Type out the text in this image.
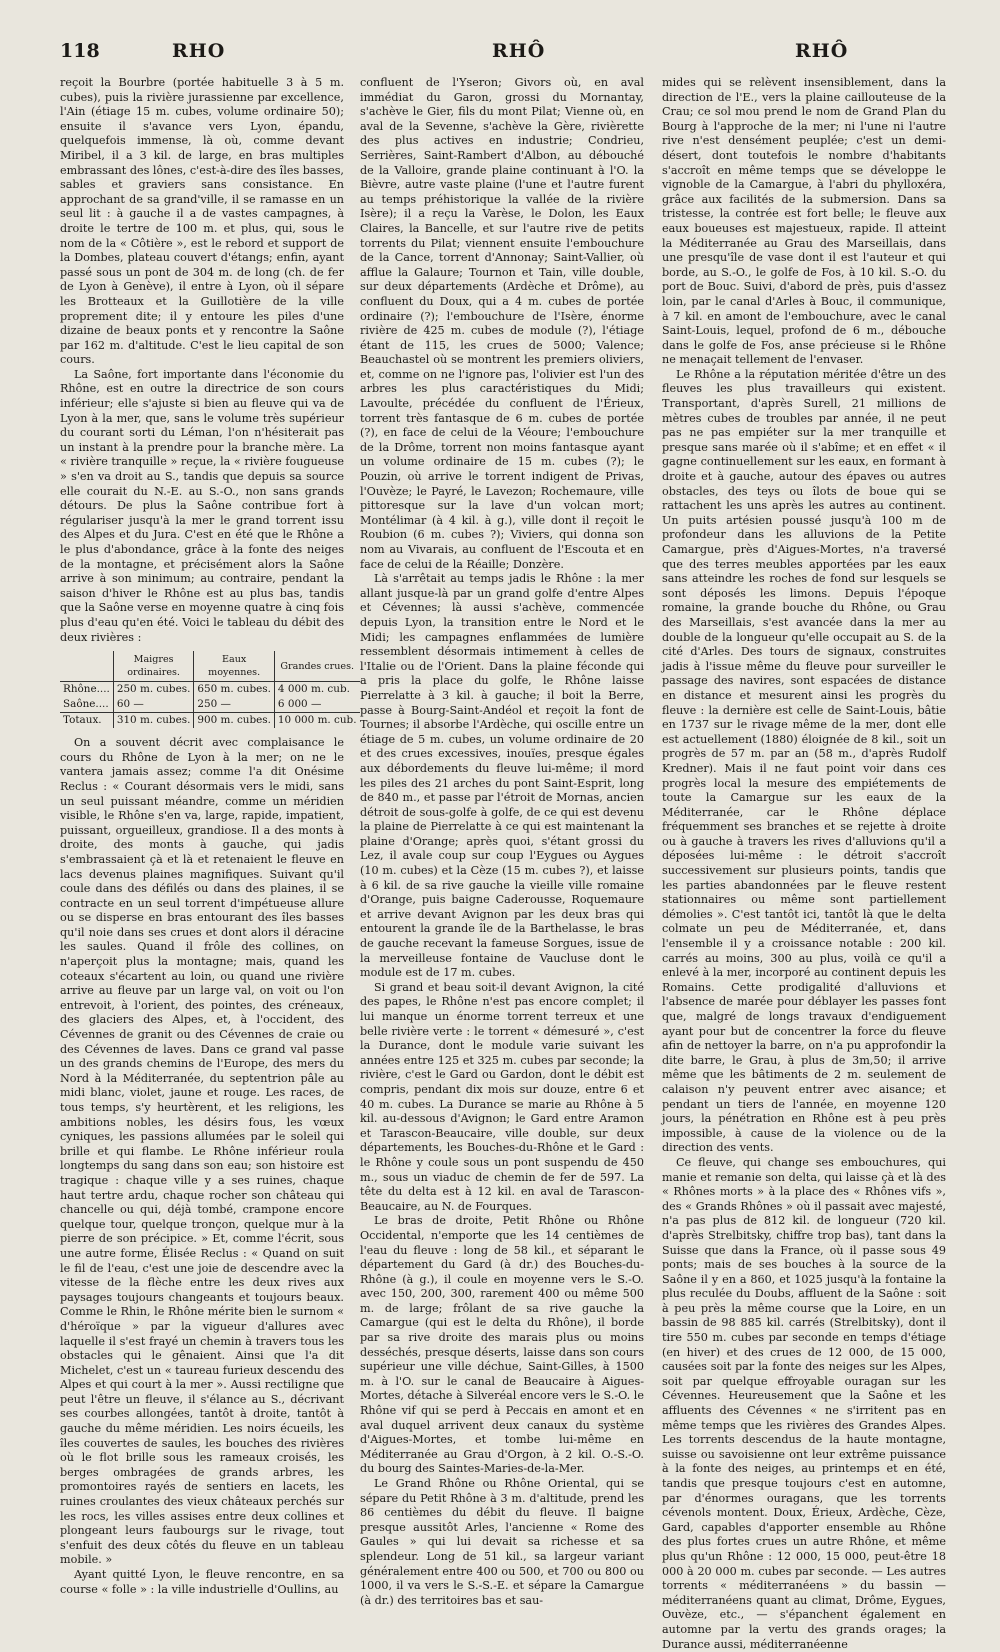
118	RHO	RHÔ	RHÔ

reçoit la Bourbre (portée habituelle 3 à 5 m. cubes), puis la rivière jurassienne par excellence, l'Ain (étiage 15 m. cubes, volume ordinaire 50); ensuite il s'avance vers Lyon, épandu, quelquefois immense, là où, comme devant Miribel, il a 3 kil. de large, en bras multiples embrassant des lônes, c'est-à-dire des îles basses, sables et graviers sans consistance. En approchant de sa grand'ville, il se ramasse en un seul lit : à gauche il a de vastes campagnes, à droite le tertre de 100 m. et plus, qui, sous le nom de la « Côtière », est le rebord et support de la Dombes, plateau couvert d'étangs; enfin, ayant passé sous un pont de 304 m. de long (ch. de fer de Lyon à Genève), il entre à Lyon, où il sépare les Brotteaux et la Guillotière de la ville proprement dite; il y entoure les piles d'une dizaine de beaux ponts et y rencontre la Saône par 162 m. d'altitude. C'est le lieu capital de son cours.

La Saône, fort importante dans l'économie du Rhône, est en outre la directrice de son cours inférieur; elle s'ajuste si bien au fleuve qui va de Lyon à la mer, que, sans le volume très supérieur du courant sorti du Léman, l'on n'hésiterait pas un instant à la prendre pour la branche mère. La « rivière tranquille » reçue, la « rivière fougueuse » s'en va droit au S., tandis que depuis sa source elle courait du N.-E. au S.-O., non sans grands détours. De plus la Saône contribue fort à régulariser jusqu'à la mer le grand torrent issu des Alpes et du Jura. C'est en été que le Rhône a le plus d'abondance, grâce à la fonte des neiges de la montagne, et précisément alors la Saône arrive à son minimum; au contraire, pendant la saison d'hiver le Rhône est au plus bas, tandis que la Saône verse en moyenne quatre à cinq fois plus d'eau qu'en été. Voici le tableau du débit des deux rivières :

	Maigres ordinaires.	Eaux moyennes.	Grandes crues.
Rhône....	250 m. cubes.	650 m. cubes.	4 000 m. cub.
Saône....	60 —	250 —	6 000 —
Totaux.	310 m. cubes.	900 m. cubes.	10 000 m. cub.

On a souvent décrit avec complaisance le cours du Rhône de Lyon à la mer; on ne le vantera jamais assez; comme l'a dit Onésime Reclus : « Courant désormais vers le midi, sans un seul puissant méandre, comme un méridien visible, le Rhône s'en va, large, rapide, impatient, puissant, orgueilleux, grandiose. Il a des monts à droite, des monts à gauche, qui jadis s'embrassaient çà et là et retenaient le fleuve en lacs devenus plaines magnifiques. Suivant qu'il coule dans des défilés ou dans des plaines, il se contracte en un seul torrent d'impétueuse allure ou se disperse en bras entourant des îles basses qu'il noie dans ses crues et dont alors il déracine les saules. Quand il frôle des collines, on n'aperçoit plus la montagne; mais, quand les coteaux s'écartent au loin, ou quand une rivière arrive au fleuve par un large val, on voit ou l'on entrevoit, à l'orient, des pointes, des créneaux, des glaciers des Alpes, et, à l'occident, des Cévennes de granit ou des Cévennes de craie ou des Cévennes de laves. Dans ce grand val passe un des grands chemins de l'Europe, des mers du Nord à la Méditerranée, du septentrion pâle au midi blanc, violet, jaune et rouge. Les races, de tous temps, s'y heurtèrent, et les religions, les ambitions nobles, les désirs fous, les vœux cyniques, les passions allumées par le soleil qui brille et qui flambe. Le Rhône inférieur roula longtemps du sang dans son eau; son histoire est tragique : chaque ville y a ses ruines, chaque haut tertre ardu, chaque rocher son château qui chancelle ou qui, déjà tombé, crampone encore quelque tour, quelque tronçon, quelque mur à la pierre de son précipice. » Et, comme l'écrit, sous une autre forme, Élisée Reclus : « Quand on suit le fil de l'eau, c'est une joie de descendre avec la vitesse de la flèche entre les deux rives aux paysages toujours changeants et toujours beaux. Comme le Rhin, le Rhône mérite bien le surnom « d'héroïque » par la vigueur d'allures avec laquelle il s'est frayé un chemin à travers tous les obstacles qui le gênaient. Ainsi que l'a dit Michelet, c'est un « taureau furieux descendu des Alpes et qui court à la mer ». Aussi rectiligne que peut l'être un fleuve, il s'élance au S., décrivant ses courbes allongées, tantôt à droite, tantôt à gauche du même méridien. Les noirs écueils, les îles couvertes de saules, les bouches des rivières où le flot brille sous les rameaux croisés, les berges ombragées de grands arbres, les promontoires rayés de sentiers en lacets, les ruines croulantes des vieux châteaux perchés sur les rocs, les villes assises entre deux collines et plongeant leurs faubourgs sur le rivage, tout s'enfuit des deux côtés du fleuve en un tableau mobile. »

Ayant quitté Lyon, le fleuve rencontre, en sa course « folle » : la ville industrielle d'Oullins, au

confluent de l'Yseron; Givors où, en aval immédiat du Garon, grossi du Mornantay, s'achève le Gier, fils du mont Pilat; Vienne où, en aval de la Sevenne, s'achève la Gère, rivièrette des plus actives en industrie; Condrieu, Serrières, Saint-Rambert d'Albon, au débouché de la Valloire, grande plaine continuant à l'O. la Bièvre, autre vaste plaine (l'une et l'autre furent au temps préhistorique la vallée de la rivière Isère); il a reçu la Varèse, le Dolon, les Eaux Claires, la Bancelle, et sur l'autre rive de petits torrents du Pilat; viennent ensuite l'embouchure de la Cance, torrent d'Annonay; Saint-Vallier, où afflue la Galaure; Tournon et Tain, ville double, sur deux départements (Ardèche et Drôme), au confluent du Doux, qui a 4 m. cubes de portée ordinaire (?); l'embouchure de l'Isère, énorme rivière de 425 m. cubes de module (?), l'étiage étant de 115, les crues de 5000; Valence; Beauchastel où se montrent les premiers oliviers, et, comme on ne l'ignore pas, l'olivier est l'un des arbres les plus caractéristiques du Midi; Lavoulte, précédée du confluent de l'Érieux, torrent très fantasque de 6 m. cubes de portée (?), en face de celui de la Véoure; l'embouchure de la Drôme, torrent non moins fantasque ayant un volume ordinaire de 15 m. cubes (?); le Pouzin, où arrive le torrent indigent de Privas, l'Ouvèze; le Payré, le Lavezon; Rochemaure, ville pittoresque sur la lave d'un volcan mort; Montélimar (à 4 kil. à g.), ville dont il reçoit le Roubion (6 m. cubes ?); Viviers, qui donna son nom au Vivarais, au confluent de l'Escouta et en face de celui de la Réaille; Donzère.

Là s'arrêtait au temps jadis le Rhône : la mer allant jusque-là par un grand golfe d'entre Alpes et Cévennes; là aussi s'achève, commencée depuis Lyon, la transition entre le Nord et le Midi; les campagnes enflammées de lumière ressemblent désormais intimement à celles de l'Italie ou de l'Orient. Dans la plaine féconde qui a pris la place du golfe, le Rhône laisse Pierrelatte à 3 kil. à gauche; il boit la Berre, passe à Bourg-Saint-Andéol et reçoit la font de Tournes; il absorbe l'Ardèche, qui oscille entre un étiage de 5 m. cubes, un volume ordinaire de 20 et des crues excessives, inouïes, presque égales aux débordements du fleuve lui-même; il mord les piles des 21 arches du pont Saint-Esprit, long de 840 m., et passe par l'étroit de Mornas, ancien détroit de sous-golfe à golfe, de ce qui est devenu la plaine de Pierrelatte à ce qui est maintenant la plaine d'Orange; après quoi, s'étant grossi du Lez, il avale coup sur coup l'Eygues ou Aygues (10 m. cubes) et la Cèze (15 m. cubes ?), et laisse à 6 kil. de sa rive gauche la vieille ville romaine d'Orange, puis baigne Caderousse, Roquemaure et arrive devant Avignon par les deux bras qui entourent la grande île de la Barthelasse, le bras de gauche recevant la fameuse Sorgues, issue de la merveilleuse fontaine de Vaucluse dont le module est de 17 m. cubes.

Si grand et beau soit-il devant Avignon, la cité des papes, le Rhône n'est pas encore complet; il lui manque un énorme torrent terreux et une belle rivière verte : le torrent « démesuré », c'est la Durance, dont le module varie suivant les années entre 125 et 325 m. cubes par seconde; la rivière, c'est le Gard ou Gardon, dont le débit est compris, pendant dix mois sur douze, entre 6 et 40 m. cubes. La Durance se marie au Rhône à 5 kil. au-dessous d'Avignon; le Gard entre Aramon et Tarascon-Beaucaire, ville double, sur deux départements, les Bouches-du-Rhône et le Gard : le Rhône y coule sous un pont suspendu de 450 m., sous un viaduc de chemin de fer de 597. La tête du delta est à 12 kil. en aval de Tarascon-Beaucaire, au N. de Fourques.

Le bras de droite, Petit Rhône ou Rhône Occidental, n'emporte que les 14 centièmes de l'eau du fleuve : long de 58 kil., et séparant le département du Gard (à dr.) des Bouches-du-Rhône (à g.), il coule en moyenne vers le S.-O. avec 150, 200, 300, rarement 400 ou même 500 m. de large; frôlant de sa rive gauche la Camargue (qui est le delta du Rhône), il borde par sa rive droite des marais plus ou moins desséchés, presque déserts, laisse dans son cours supérieur une ville déchue, Saint-Gilles, à 1500 m. à l'O. sur le canal de Beaucaire à Aigues-Mortes, détache à Silveréal encore vers le S.-O. le Rhône vif qui se perd à Peccais en amont et en aval duquel arrivent deux canaux du système d'Aigues-Mortes, et tombe lui-même en Méditerranée au Grau d'Orgon, à 2 kil. O.-S.-O. du bourg des Saintes-Maries-de-la-Mer.

Le Grand Rhône ou Rhône Oriental, qui se sépare du Petit Rhône à 3 m. d'altitude, prend les 86 centièmes du débit du fleuve. Il baigne presque aussitôt Arles, l'ancienne « Rome des Gaules » qui lui devait sa richesse et sa splendeur. Long de 51 kil., sa largeur variant généralement entre 400 ou 500, et 700 ou 800 ou 1000, il va vers le S.-S.-E. et sépare la Camargue (à dr.) des territoires bas et sau-

mides qui se relèvent insensiblement, dans la direction de l'E., vers la plaine caillouteuse de la Crau; ce sol mou prend le nom de Grand Plan du Bourg à l'approche de la mer; ni l'une ni l'autre rive n'est densément peuplée; c'est un demi-désert, dont toutefois le nombre d'habitants s'accroît en même temps que se développe le vignoble de la Camargue, à l'abri du phylloxéra, grâce aux facilités de la submersion. Dans sa tristesse, la contrée est fort belle; le fleuve aux eaux boueuses est majestueux, rapide. Il atteint la Méditerranée au Grau des Marseillais, dans une presqu'île de vase dont il est l'auteur et qui borde, au S.-O., le golfe de Fos, à 10 kil. S.-O. du port de Bouc. Suivi, d'abord de près, puis d'assez loin, par le canal d'Arles à Bouc, il communique, à 7 kil. en amont de l'embouchure, avec le canal Saint-Louis, lequel, profond de 6 m., débouche dans le golfe de Fos, anse précieuse si le Rhône ne menaçait tellement de l'envaser.

Le Rhône a la réputation méritée d'être un des fleuves les plus travailleurs qui existent. Transportant, d'après Surell, 21 millions de mètres cubes de troubles par année, il ne peut pas ne pas empiéter sur la mer tranquille et presque sans marée où il s'abîme; et en effet « il gagne continuellement sur les eaux, en formant à droite et à gauche, autour des épaves ou autres obstacles, des teys ou îlots de boue qui se rattachent les uns après les autres au continent. Un puits artésien poussé jusqu'à 100 m de profondeur dans les alluvions de la Petite Camargue, près d'Aigues-Mortes, n'a traversé que des terres meubles apportées par les eaux sans atteindre les roches de fond sur lesquels se sont déposés les limons. Depuis l'époque romaine, la grande bouche du Rhône, ou Grau des Marseillais, s'est avancée dans la mer au double de la longueur qu'elle occupait au S. de la cité d'Arles. Des tours de signaux, construites jadis à l'issue même du fleuve pour surveiller le passage des navires, sont espacées de distance en distance et mesurent ainsi les progrès du fleuve : la dernière est celle de Saint-Louis, bâtie en 1737 sur le rivage même de la mer, dont elle est actuellement (1880) éloignée de 8 kil., soit un progrès de 57 m. par an (58 m., d'après Rudolf Kredner). Mais il ne faut point voir dans ces progrès local la mesure des empiétements de toute la Camargue sur les eaux de la Méditerranée, car le Rhône déplace fréquemment ses branches et se rejette à droite ou à gauche à travers les rives d'alluvions qu'il a déposées lui-même : le détroit s'accroît successivement sur plusieurs points, tandis que les parties abandonnées par le fleuve restent stationnaires ou même sont partiellement démolies ». C'est tantôt ici, tantôt là que le delta colmate un peu de Méditerranée, et, dans l'ensemble il y a croissance notable : 200 kil. carrés au moins, 300 au plus, voilà ce qu'il a enlevé à la mer, incorporé au continent depuis les Romains. Cette prodigalité d'alluvions et l'absence de marée pour déblayer les passes font que, malgré de longs travaux d'endiguement ayant pour but de concentrer la force du fleuve afin de nettoyer la barre, on n'a pu approfondir la dite barre, le Grau, à plus de 3m,50; il arrive même que les bâtiments de 2 m. seulement de calaison n'y peuvent entrer avec aisance; et pendant un tiers de l'année, en moyenne 120 jours, la pénétration en Rhône est à peu près impossible, à cause de la violence ou de la direction des vents.

Ce fleuve, qui change ses embouchures, qui manie et remanie son delta, qui laisse çà et là des « Rhônes morts » à la place des « Rhônes vifs », des « Grands Rhônes » où il passait avec majesté, n'a pas plus de 812 kil. de longueur (720 kil. d'après Strelbitsky, chiffre trop bas), tant dans la Suisse que dans la France, où il passe sous 49 ponts; mais de ses bouches à la source de la Saône il y en a 860, et 1025 jusqu'à la fontaine la plus reculée du Doubs, affluent de la Saône : soit à peu près la même course que la Loire, en un bassin de 98 885 kil. carrés (Strelbitsky), dont il tire 550 m. cubes par seconde en temps d'étiage (en hiver) et des crues de 12 000, de 15 000, causées soit par la fonte des neiges sur les Alpes, soit par quelque effroyable ouragan sur les Cévennes. Heureusement que la Saône et les affluents des Cévennes « ne s'irritent pas en même temps que les rivières des Grandes Alpes. Les torrents descendus de la haute montagne, suisse ou savoisienne ont leur extrême puissance à la fonte des neiges, au printemps et en été, tandis que presque toujours c'est en automne, par d'énormes ouragans, que les torrents cévenols montent. Doux, Érieux, Ardèche, Cèze, Gard, capables d'apporter ensemble au Rhône des plus fortes crues un autre Rhône, et même plus qu'un Rhône : 12 000, 15 000, peut-être 18 000 à 20 000 m. cubes par seconde. — Les autres torrents « méditerranéens » du bassin — méditerranéens quant au climat, Drôme, Eygues, Ouvèze, etc., — s'épanchent également en automne par la vertu des grands orages; la Durance aussi, méditerranéenne
